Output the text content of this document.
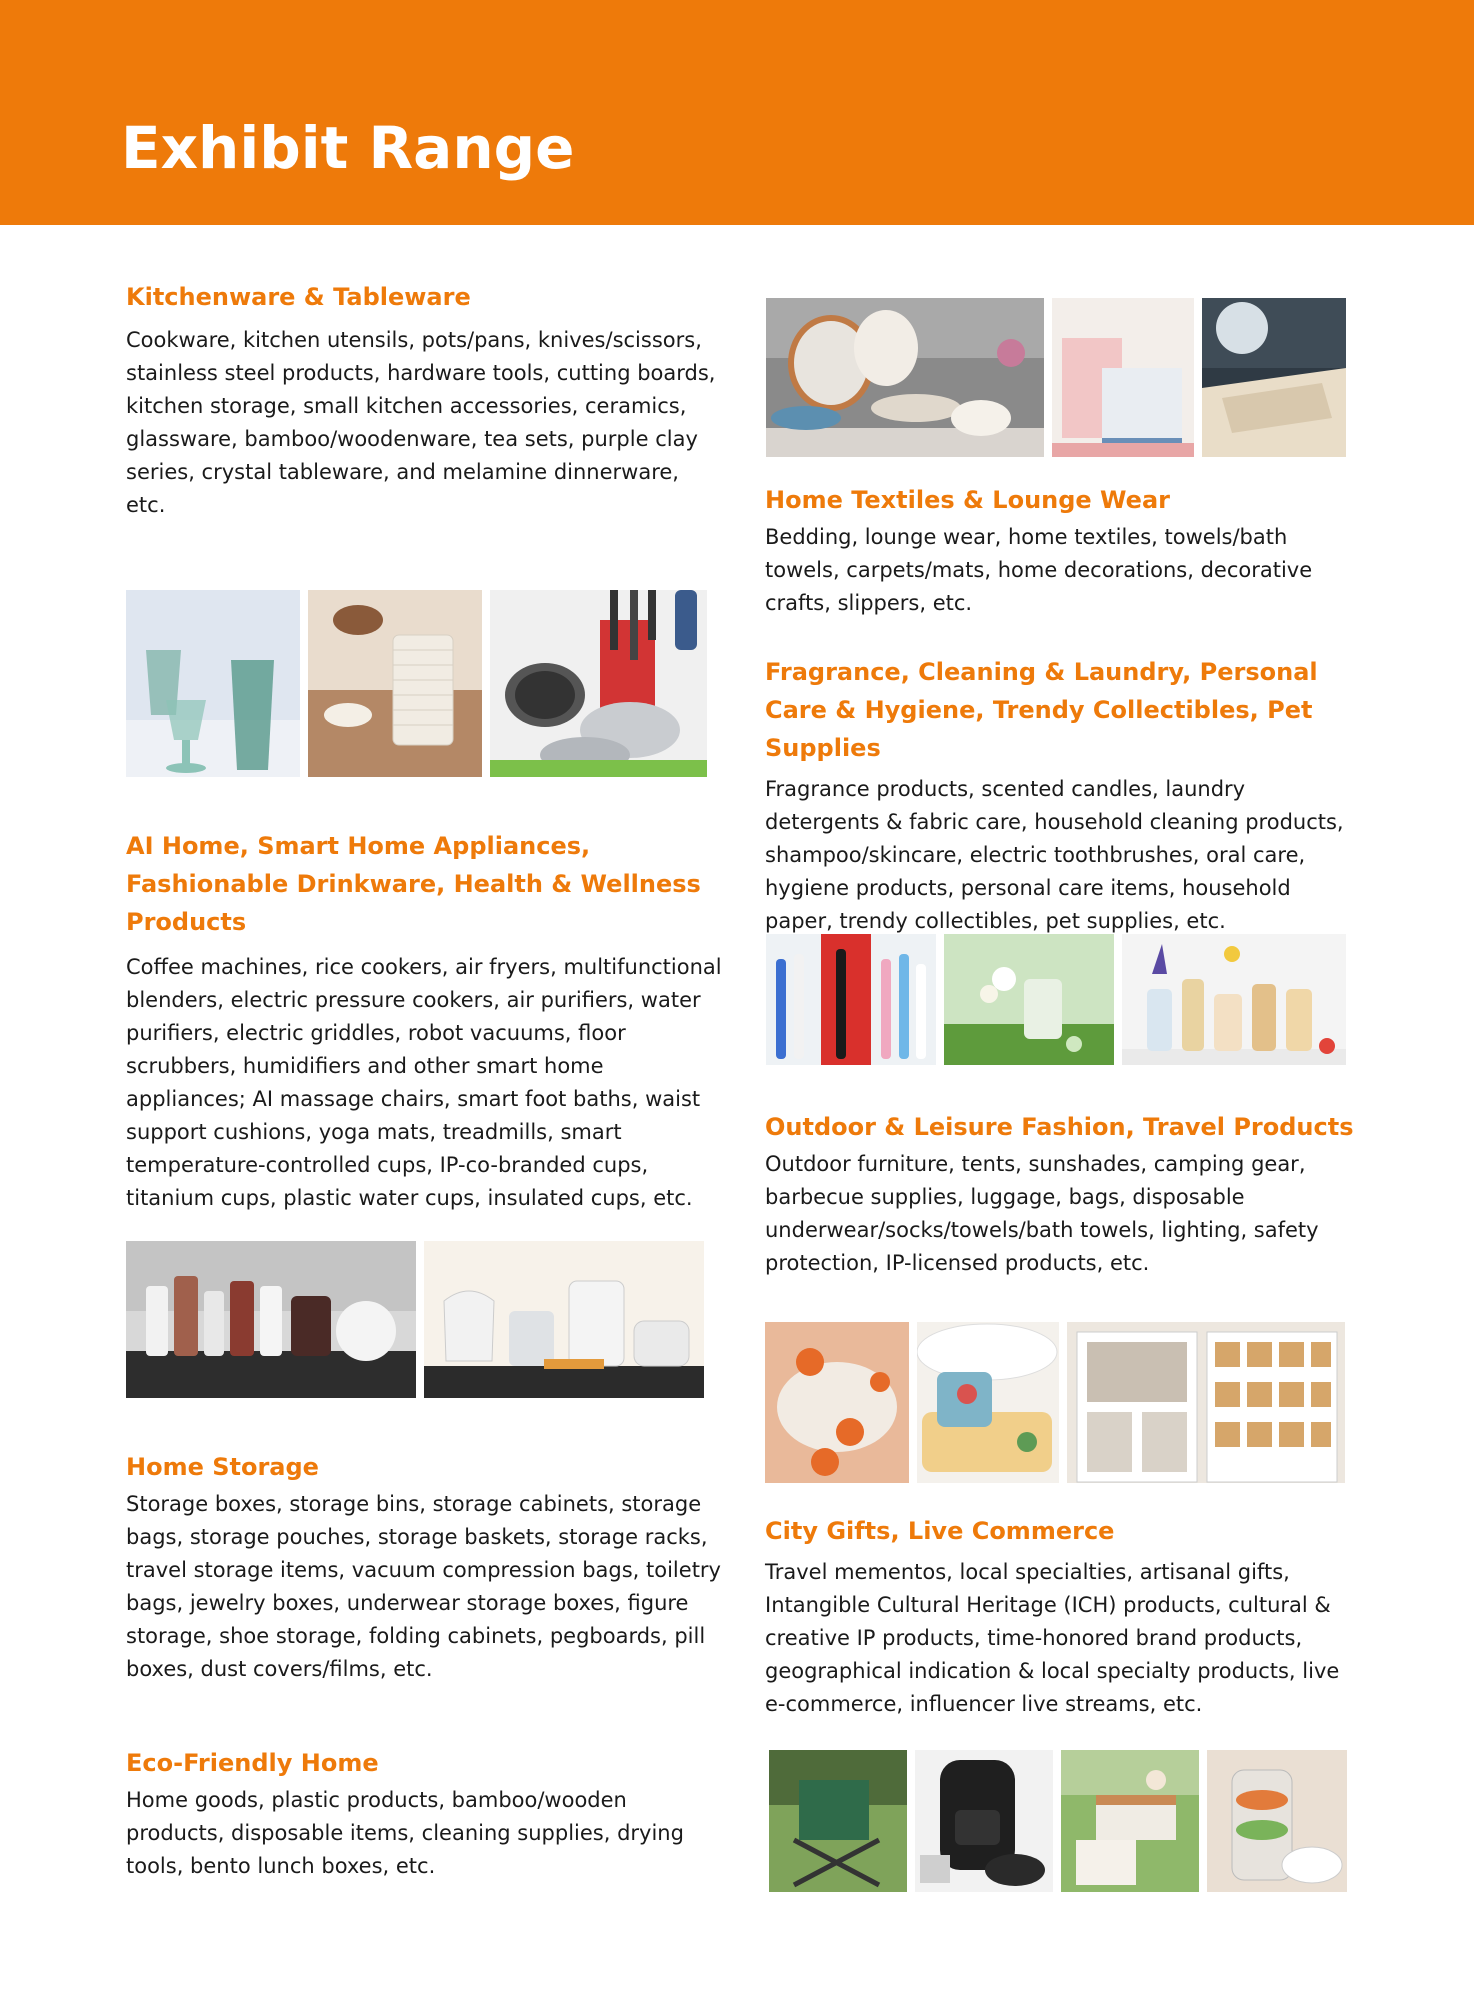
Exhibit Range
Kitchenware & Tableware

Cookware, kitchen utensils, pots/pans, knives/scissors, stainless steel products, hardware tools, cutting boards, kitchen storage, small kitchen accessories, ceramics, glassware, bamboo/woodenware, tea sets, purple clay series, crystal tableware, and melamine dinnerware, etc.

AI Home, Smart Home Appliances, Fashionable Drinkware, Health & Wellness Products

Coffee machines, rice cookers, air fryers, multifunctional blenders, electric pressure cookers, air purifiers, water purifiers, electric griddles, robot vacuums, floor scrubbers, humidifiers and other smart home appliances; AI massage chairs, smart foot baths, waist support cushions, yoga mats, treadmills, smart temperature-controlled cups, IP-co-branded cups, titanium cups, plastic water cups, insulated cups, etc.

Home Storage

Storage boxes, storage bins, storage cabinets, storage bags, storage pouches, storage baskets, storage racks, travel storage items, vacuum compression bags, toiletry bags, jewelry boxes, underwear storage boxes, figure storage, shoe storage, folding cabinets, pegboards, pill boxes, dust covers/films, etc.

Eco-Friendly Home

Home goods, plastic products, bamboo/wooden products, disposable items, cleaning supplies, drying tools, bento lunch boxes, etc.

Home Textiles & Lounge Wear

Bedding, lounge wear, home textiles, towels/bath towels, carpets/mats, home decorations, decorative crafts, slippers, etc.

Fragrance, Cleaning & Laundry, Personal Care & Hygiene, Trendy Collectibles, Pet Supplies

Fragrance products, scented candles, laundry detergents & fabric care, household cleaning products, shampoo/skincare, electric toothbrushes, oral care, hygiene products, personal care items, household paper, trendy collectibles, pet supplies, etc.

Outdoor & Leisure Fashion, Travel Products

Outdoor furniture, tents, sunshades, camping gear, barbecue supplies, luggage, bags, disposable underwear/socks/towels/bath towels, lighting, safety protection, IP-licensed products, etc.

City Gifts, Live Commerce

Travel mementos, local specialties, artisanal gifts, Intangible Cultural Heritage (ICH) products, cultural & creative IP products, time-honored brand products, geographical indication & local specialty products, live e-commerce, influencer live streams, etc.
